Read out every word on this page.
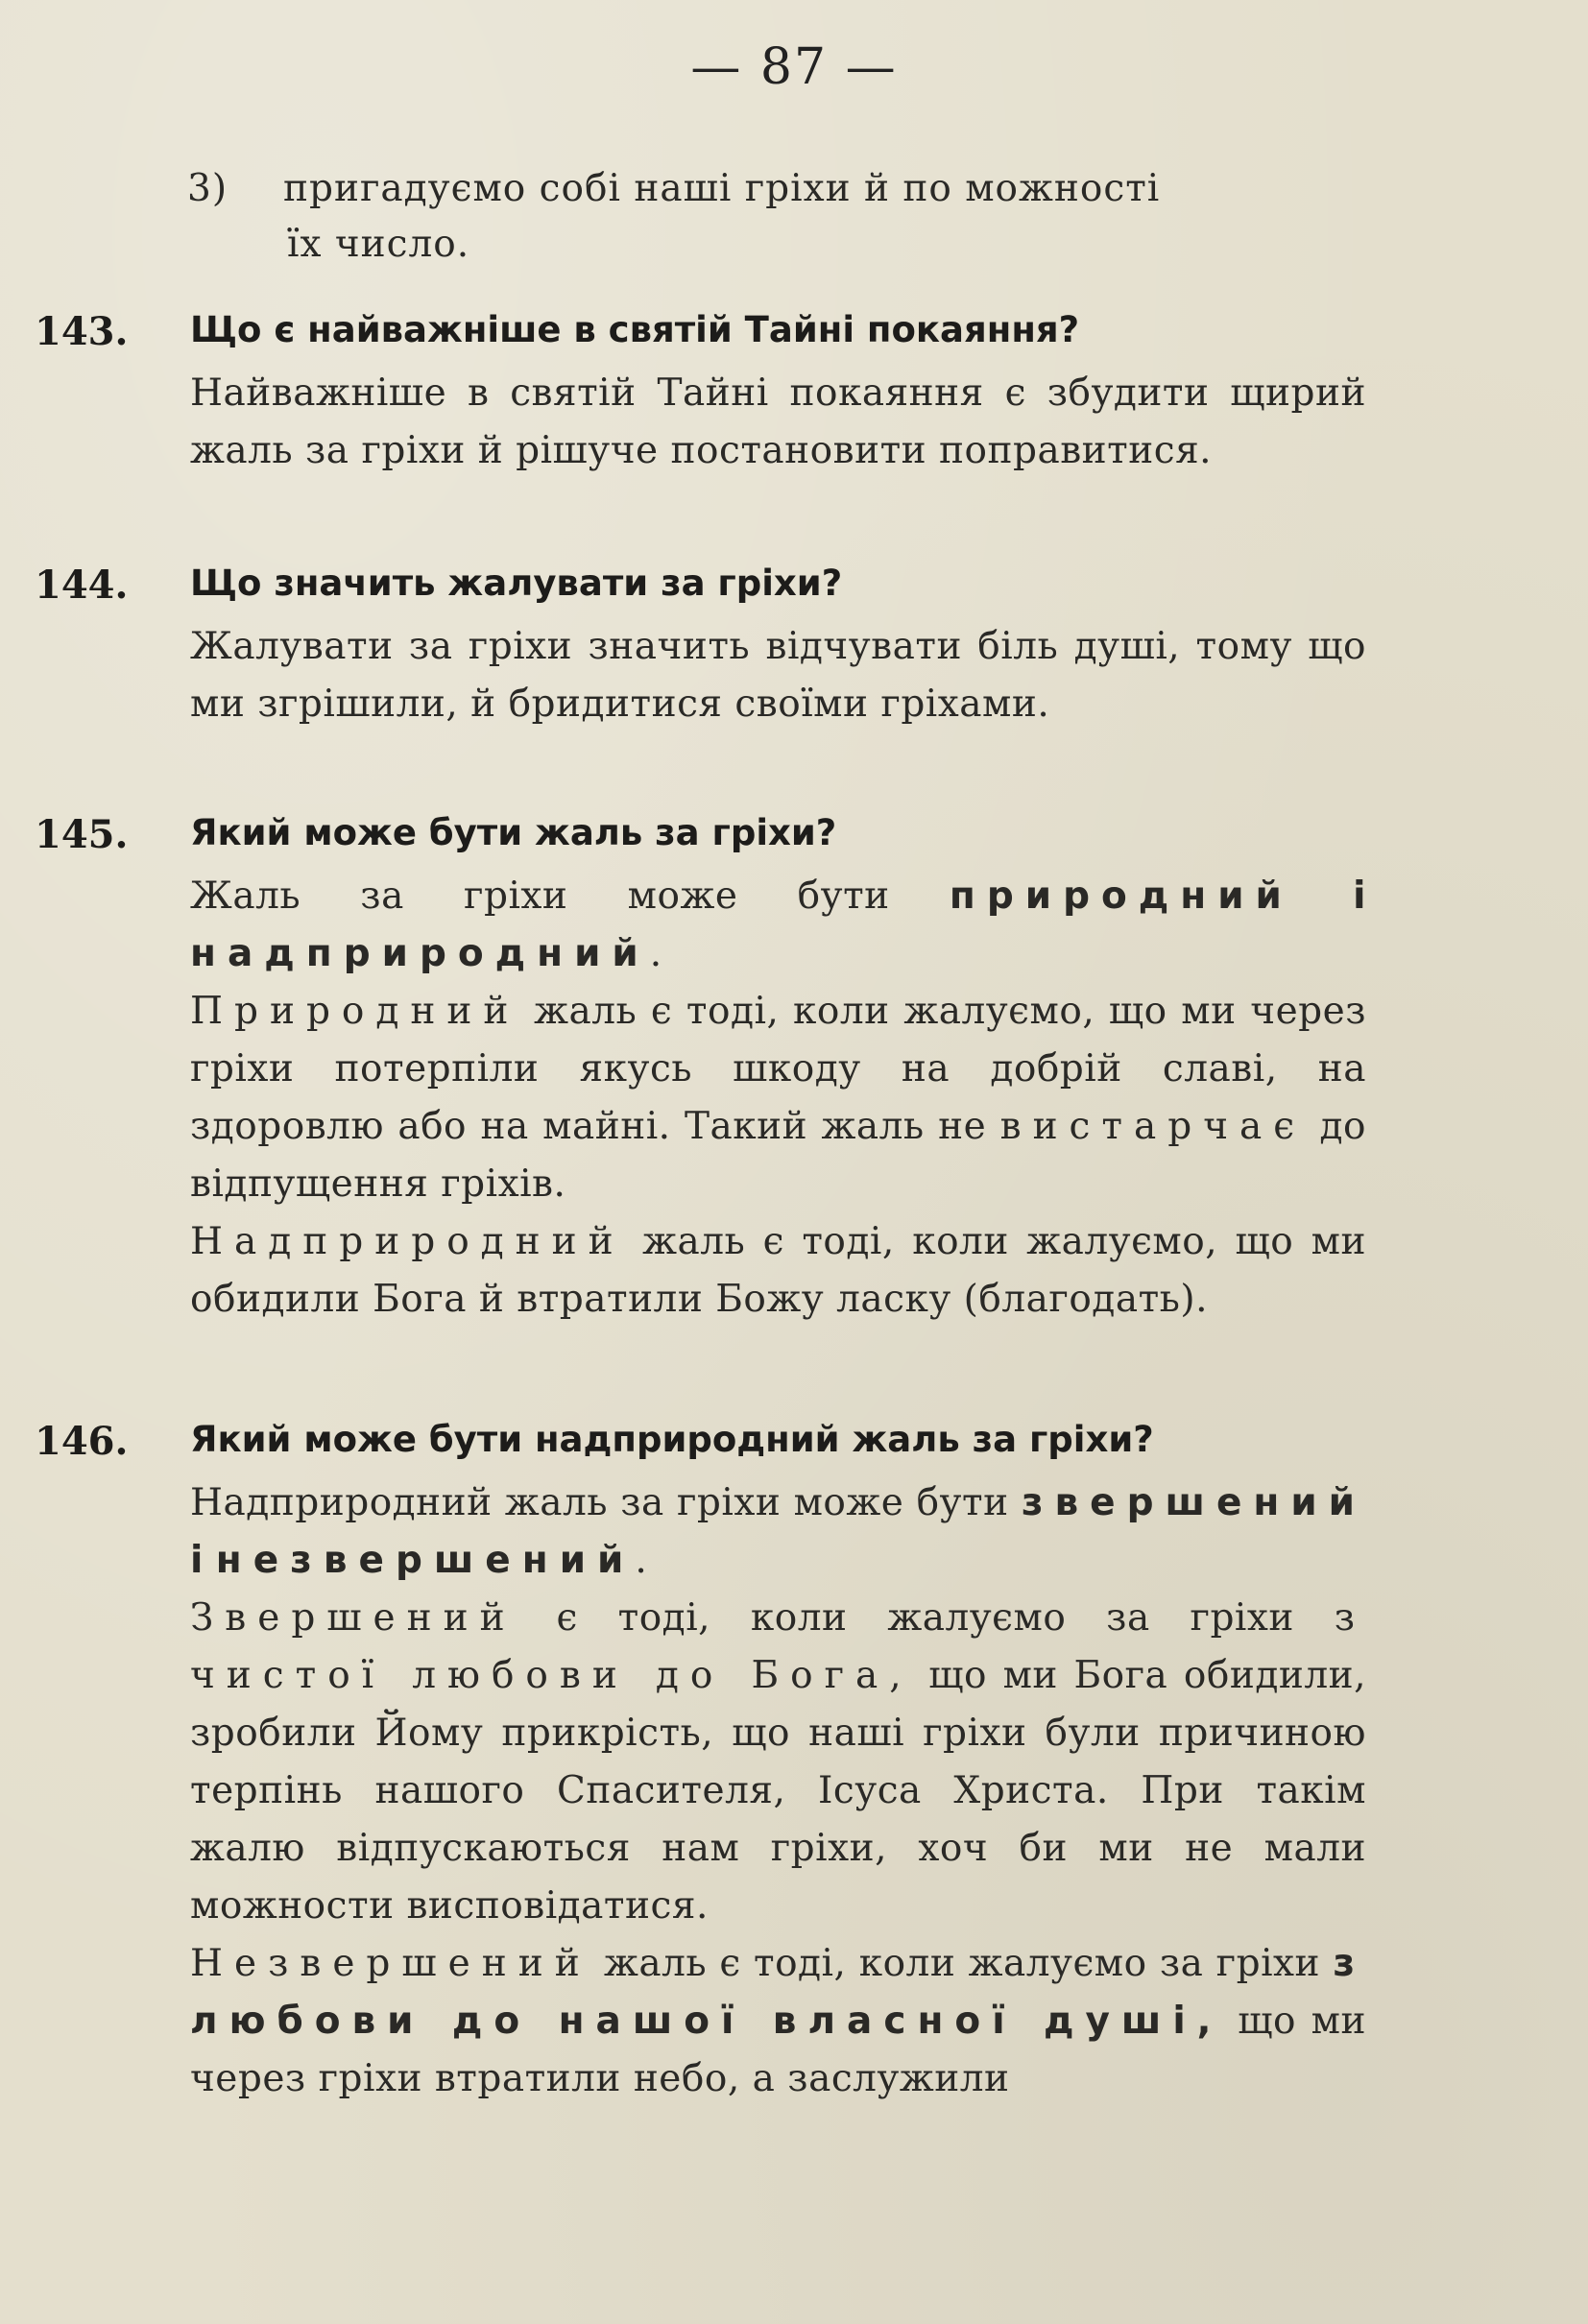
— 87 —
3) пригадуємо собі наші гріхи й по можності
їх число.
143. Що є найважніше в святій Тайні покаяння?

Найважніше в святій Тайні покаяння є збудити щирий жаль за гріхи й рішуче постановити поправитися.

144. Що значить жалувати за гріхи?

Жалувати за гріхи значить відчувати біль душі, тому що ми згрішили, й бридитися своїми гріхами.

145. Який може бути жаль за гріхи?

Жаль за гріхи може бути природний і надприродний.

Природний жаль є тоді, коли жалуємо, що ми через гріхи потерпіли якусь шкоду на добрій славі, на здоровлю або на майні. Такий жаль не вистарчає до відпущення гріхів.

Надприродний жаль є тоді, коли жалуємо, що ми обидили Бога й втратили Божу ласку (благодать).

146. Який може бути надприродний жаль за гріхи?

Надприродний жаль за гріхи може бути звершений і незвершений.

Звершений є тоді, коли жалуємо за гріхи з чистої любови до Бога, що ми Бога обидили, зробили Йому прикрість, що наші гріхи були причиною терпінь нашого Спасителя, Ісуса Христа. При такім жалю відпускаються нам гріхи, хоч би ми не мали можности висповідатися.

Незвершений жаль є тоді, коли жалуємо за гріхи з любови до нашої власної душі, що ми через гріхи втратили небо, а заслужили
